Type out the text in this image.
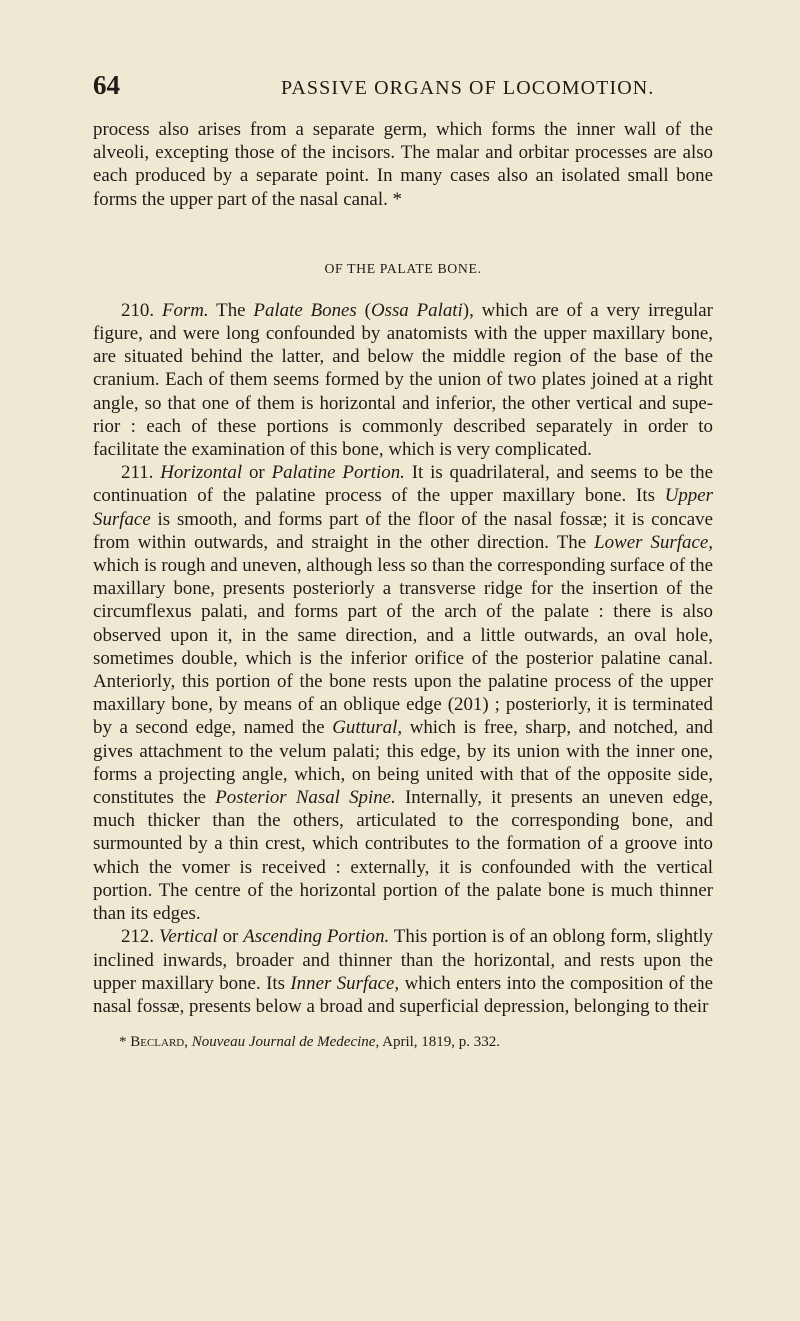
64	PASSIVE ORGANS OF LOCOMOTION.

process also arises from a separate germ, which forms the inner wall of the alveoli, excepting those of the incisors. The malar and orbitar processes are also each produced by a separate point. In many cases also an isolated small bone forms the upper part of the nasal canal. *

OF THE PALATE BONE.

210. Form. The Palate Bones (Ossa Palati), which are of a very irregular figure, and were long confounded by anatomists with the upper maxillary bone, are situated behind the latter, and below the middle region of the base of the cranium. Each of them seems formed by the union of two plates joined at a right angle, so that one of them is horizontal and inferior, the other vertical and superior : each of these portions is commonly described separately in order to facilitate the examination of this bone, which is very complicated.

211. Horizontal or Palatine Portion. It is quadrilateral, and seems to be the continuation of the palatine process of the upper maxillary bone. Its Upper Surface is smooth, and forms part of the floor of the nasal fossæ; it is concave from within outwards, and straight in the other direction. The Lower Surface, which is rough and uneven, although less so than the corresponding surface of the maxillary bone, presents posteriorly a transverse ridge for the insertion of the circumflexus palati, and forms part of the arch of the palate : there is also observed upon it, in the same direction, and a little outwards, an oval hole, sometimes double, which is the inferior orifice of the posterior palatine canal. Anteriorly, this portion of the bone rests upon the palatine process of the upper maxillary bone, by means of an oblique edge (201) ; posteriorly, it is terminated by a second edge, named the Guttural, which is free, sharp, and notched, and gives attachment to the velum palati; this edge, by its union with the inner one, forms a projecting angle, which, on being united with that of the opposite side, constitutes the Posterior Nasal Spine. Internally, it presents an uneven edge, much thicker than the others, articulated to the corresponding bone, and surmounted by a thin crest, which contributes to the formation of a groove into which the vomer is received : externally, it is confounded with the vertical portion. The centre of the horizontal portion of the palate bone is much thinner than its edges.

212. Vertical or Ascending Portion. This portion is of an oblong form, slightly inclined inwards, broader and thinner than the horizontal, and rests upon the upper maxillary bone. Its Inner Surface, which enters into the composition of the nasal fossæ, presents below a broad and superficial depression, belonging to their

* Beclard, Nouveau Journal de Medecine, April, 1819, p. 332.
